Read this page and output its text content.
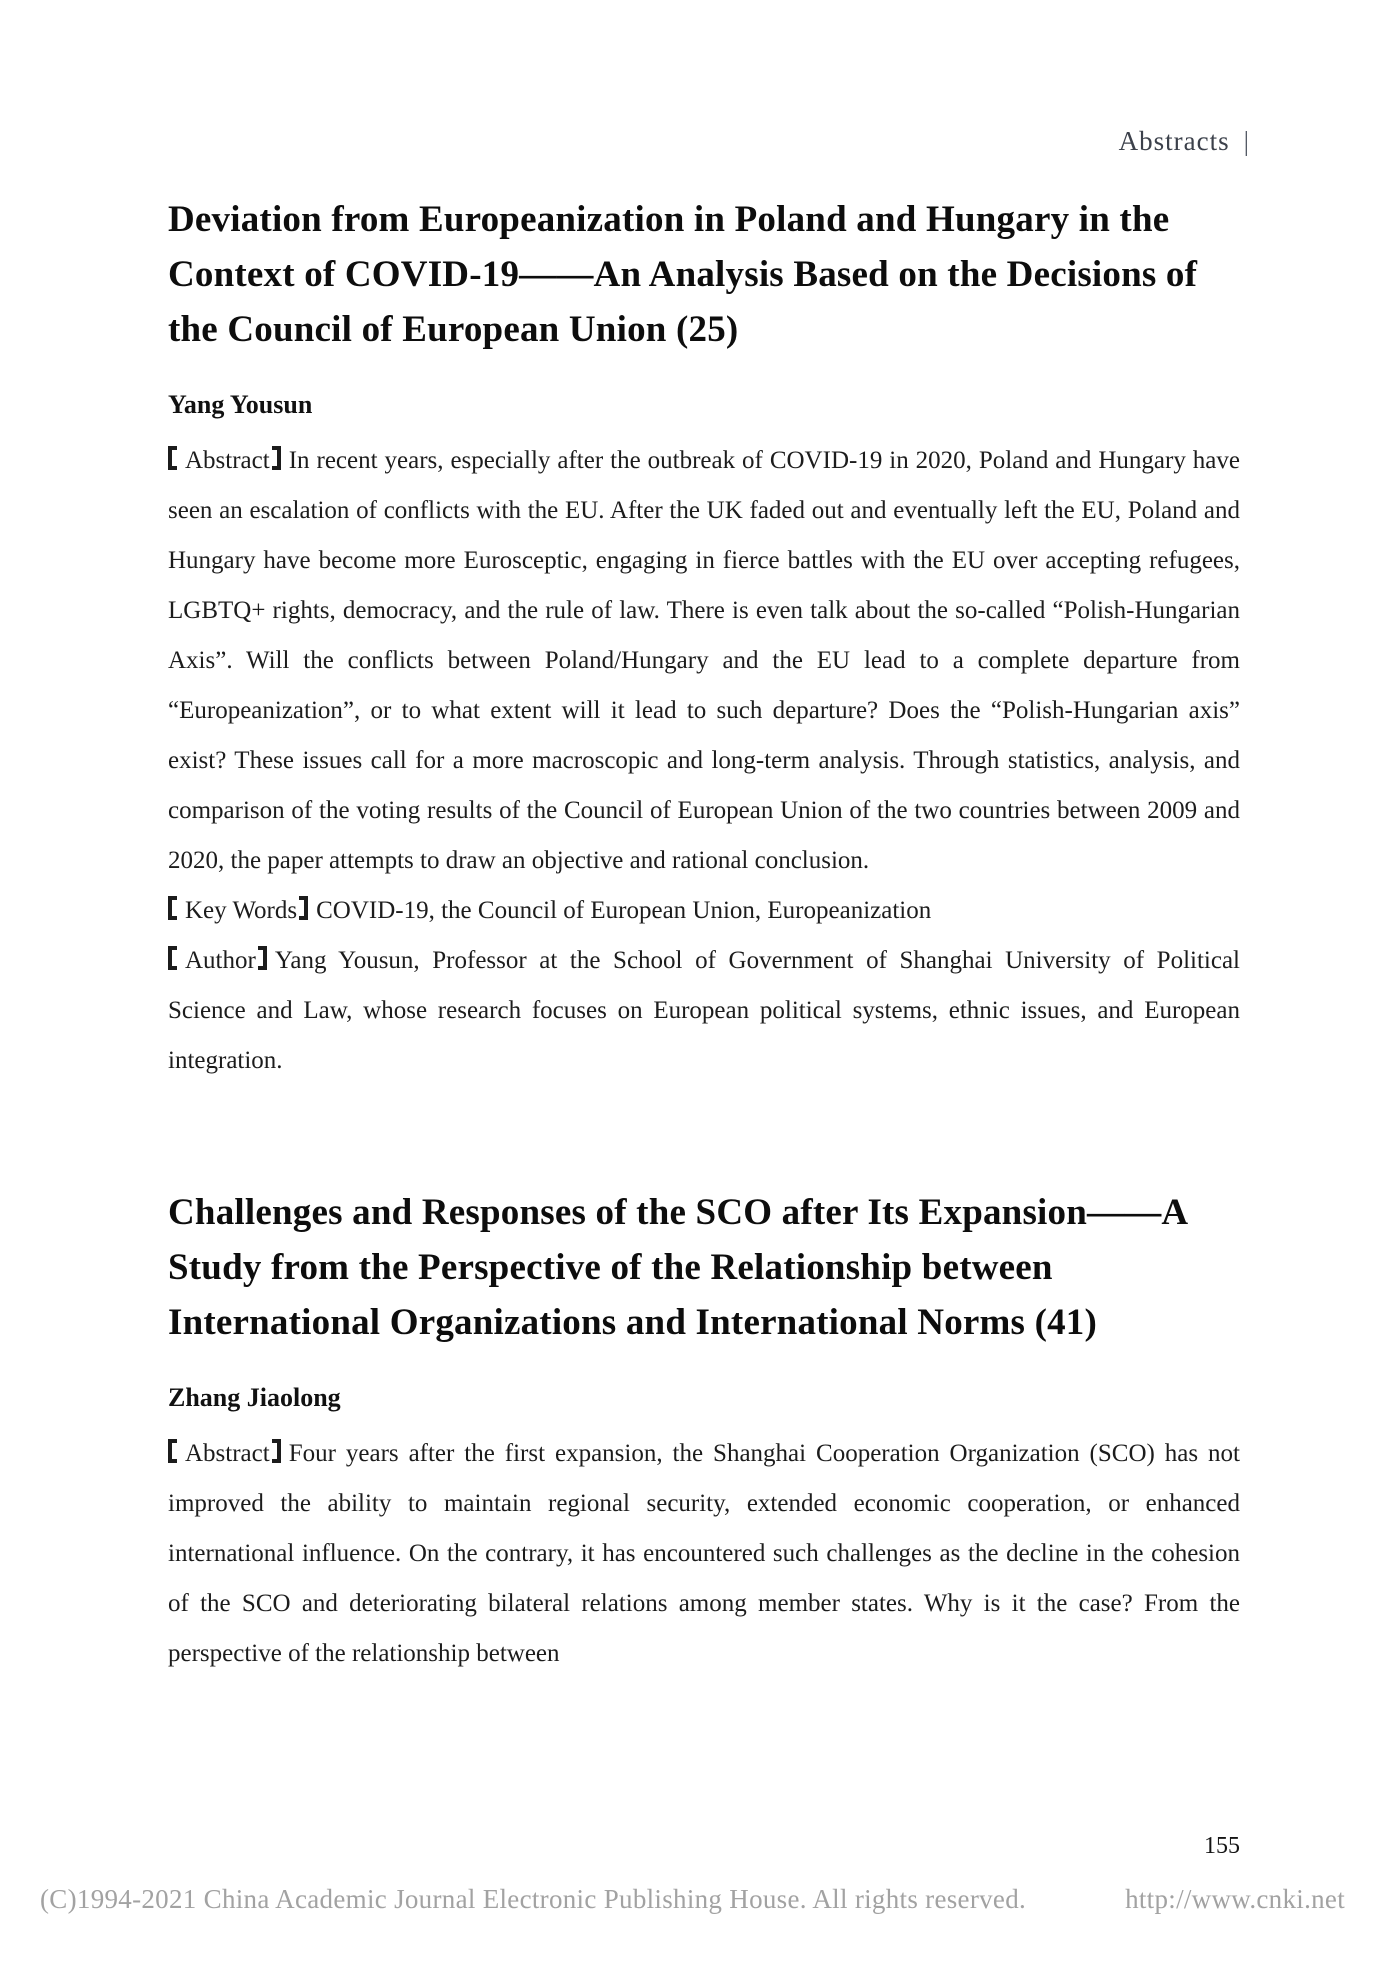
Abstracts |
Deviation from Europeanization in Poland and Hungary in the Context of COVID-19——An Analysis Based on the Decisions of the Council of European Union (25)
Yang Yousun

Abstract In recent years, especially after the outbreak of COVID-19 in 2020, Poland and Hungary have seen an escalation of conflicts with the EU. After the UK faded out and eventually left the EU, Poland and Hungary have become more Eurosceptic, engaging in fierce battles with the EU over accepting refugees, LGBTQ+ rights, democracy, and the rule of law. There is even talk about the so-called “Polish-Hungarian Axis”. Will the conflicts between Poland/Hungary and the EU lead to a complete departure from “Europeanization”, or to what extent will it lead to such departure? Does the “Polish-Hungarian axis” exist? These issues call for a more macroscopic and long-term analysis. Through statistics, analysis, and comparison of the voting results of the Council of European Union of the two countries between 2009 and 2020, the paper attempts to draw an objective and rational conclusion.

Key Words COVID-19, the Council of European Union, Europeanization

Author Yang Yousun, Professor at the School of Government of Shanghai University of Political Science and Law, whose research focuses on European political systems, ethnic issues, and European integration.

Challenges and Responses of the SCO after Its Expansion——A Study from the Perspective of the Relationship between International Organizations and International Norms (41)
Zhang Jiaolong

Abstract Four years after the first expansion, the Shanghai Cooperation Organization (SCO) has not improved the ability to maintain regional security, extended economic cooperation, or enhanced international influence. On the contrary, it has encountered such challenges as the decline in the cohesion of the SCO and deteriorating bilateral relations among member states. Why is it the case? From the perspective of the relationship between

155
(C)1994-2021 China Academic Journal Electronic Publishing House. All rights reserved.	http://www.cnki.net
